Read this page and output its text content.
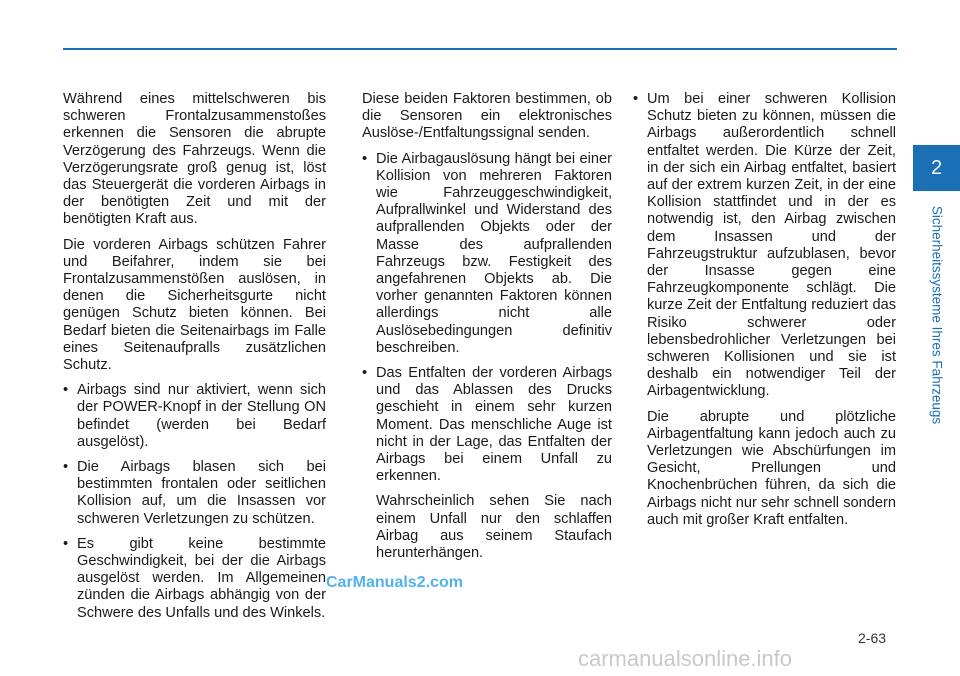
Während eines mittelschweren bis schweren Frontalzusammenstoßes erkennen die Sensoren die abrupte Verzögerung des Fahrzeugs. Wenn die Verzögerungsrate groß genug ist, löst das Steuergerät die vorderen Airbags in der benötigten Zeit und mit der benötigten Kraft aus.

Die vorderen Airbags schützen Fahrer und Beifahrer, indem sie bei Frontalzusammenstößen auslösen, in denen die Sicherheitsgurte nicht genügen Schutz bieten können. Bei Bedarf bieten die Seitenairbags im Falle eines Seitenaufpralls zusätzlichen Schutz.

• Airbags sind nur aktiviert, wenn sich der POWER-Knopf in der Stellung ON befindet (werden bei Bedarf ausgelöst).
• Die Airbags blasen sich bei bestimmten frontalen oder seitlichen Kollision auf, um die Insassen vor schweren Verletzungen zu schützen.
• Es gibt keine bestimmte Geschwindigkeit, bei der die Airbags ausgelöst werden. Im Allgemeinen zünden die Airbags abhängig von der Schwere des Unfalls und des Winkels.

Diese beiden Faktoren bestimmen, ob die Sensoren ein elektronisches Auslöse-/Entfaltungssignal senden.

• Die Airbagauslösung hängt bei einer Kollision von mehreren Faktoren wie Fahrzeuggeschwindigkeit, Aufprallwinkel und Widerstand des aufprallenden Objekts oder der Masse des aufprallenden Fahrzeugs bzw. Festigkeit des angefahrenen Objekts ab. Die vorher genannten Faktoren können allerdings nicht alle Auslösebedingungen definitiv beschreiben.
• Das Entfalten der vorderen Airbags und das Ablassen des Drucks geschieht in einem sehr kurzen Moment. Das menschliche Auge ist nicht in der Lage, das Entfalten der Airbags bei einem Unfall zu erkennen.

Wahrscheinlich sehen Sie nach einem Unfall nur den schlaffen Airbag aus seinem Staufach herunterhängen.

• Um bei einer schweren Kollision Schutz bieten zu können, müssen die Airbags außerordentlich schnell entfaltet werden. Die Kürze der Zeit, in der sich ein Airbag entfaltet, basiert auf der extrem kurzen Zeit, in der eine Kollision stattfindet und in der es notwendig ist, den Airbag zwischen dem Insassen und der Fahrzeugstruktur aufzublasen, bevor der Insasse gegen eine Fahrzeugkomponente schlägt. Die kurze Zeit der Entfaltung reduziert das Risiko schwerer oder lebensbedrohlicher Verletzungen bei schweren Kollisionen und sie ist deshalb ein notwendiger Teil der Airbagentwicklung.

Die abrupte und plötzliche Airbagentfaltung kann jedoch auch zu Verletzungen wie Abschürfungen im Gesicht, Prellungen und Knochenbrüchen führen, da sich die Airbags nicht nur sehr schnell sondern auch mit großer Kraft entfalten.

2
Sicherheitssysteme Ihres Fahrzeugs
2-63
CarManuals2.com
carmanualsonline.info
